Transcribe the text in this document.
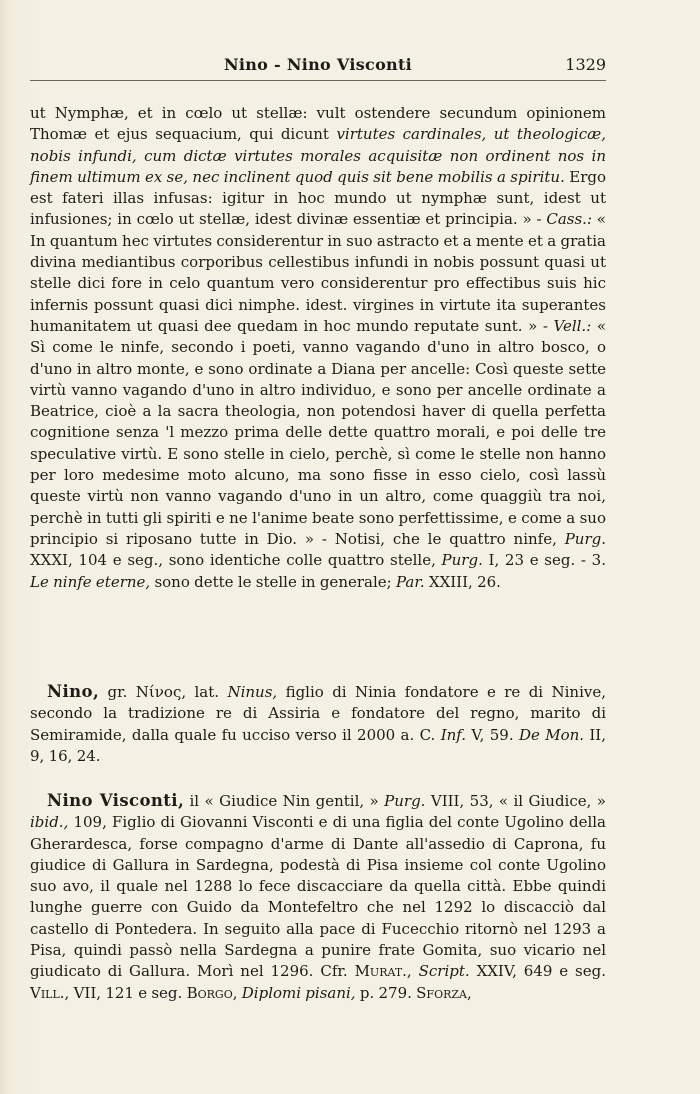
Nino - Nino Visconti	1329

ut Nymphæ, et in cœlo ut stellæ: vult ostendere secundum opinionem Thomæ et ejus sequacium, qui dicunt virtutes cardinales, ut theologicæ, nobis infundi, cum dictæ virtutes morales acquisitæ non ordinent nos in finem ultimum ex se, nec inclinent quod quis sit bene mobilis a spiritu. Ergo est fateri illas infusas: igitur in hoc mundo ut nymphæ sunt, idest ut infusiones; in cœlo ut stellæ, idest divinæ essentiæ et principia. » - Cass.: « In quantum hec virtutes considerentur in suo astracto et a mente et a gratia divina mediantibus corporibus cellestibus infundi in nobis possunt quasi ut stelle dici fore in celo quantum vero considerentur pro effectibus suis hic infernis possunt quasi dici nimphe. idest. virgines in virtute ita superantes humanitatem ut quasi dee quedam in hoc mundo reputate sunt. » - Vell.: « Sì come le ninfe, secondo i poeti, vanno vagando d'uno in altro bosco, o d'uno in altro monte, e sono ordinate a Diana per ancelle: Così queste sette virtù vanno vagando d'uno in altro individuo, e sono per ancelle ordinate a Beatrice, cioè a la sacra theologia, non potendosi haver di quella perfetta cognitione senza 'l mezzo prima delle dette quattro morali, e poi delle tre speculative virtù. E sono stelle in cielo, perchè, sì come le stelle non hanno per loro medesime moto alcuno, ma sono fisse in esso cielo, così lassù queste virtù non vanno vagando d'uno in un altro, come quaggiù tra noi, perchè in tutti gli spiriti e ne l'anime beate sono perfettissime, e come a suo principio si riposano tutte in Dio. » - Notisi, che le quattro ninfe, Purg. XXXI, 104 e seg., sono identiche colle quattro stelle, Purg. I, 23 e seg. - 3. Le ninfe eterne, sono dette le stelle in generale; Par. XXIII, 26.

Nino, gr. Νίνος, lat. Ninus, figlio di Ninia fondatore e re di Ninive, secondo la tradizione re di Assiria e fondatore del regno, marito di Semiramide, dalla quale fu ucciso verso il 2000 a. C. Inf. V, 59. De Mon. II, 9, 16, 24.
Nino Visconti, il « Giudice Nin gentil, » Purg. VIII, 53, « il Giudice, » ibid., 109, Figlio di Giovanni Visconti e di una figlia del conte Ugolino della Gherardesca, forse compagno d'arme di Dante all'assedio di Caprona, fu giudice di Gallura in Sardegna, podestà di Pisa insieme col conte Ugolino suo avo, il quale nel 1288 lo fece discacciare da quella città. Ebbe quindi lunghe guerre con Guido da Montefeltro che nel 1292 lo discacciò dal castello di Pontedera. In seguito alla pace di Fucecchio ritornò nel 1293 a Pisa, quindi passò nella Sardegna a punire frate Gomita, suo vicario nel giudicato di Gallura. Morì nel 1296. Cfr. Murat., Script. XXIV, 649 e seg. Vill., VII, 121 e seg. Borgo, Diplomi pisani, p. 279. Sforza,
